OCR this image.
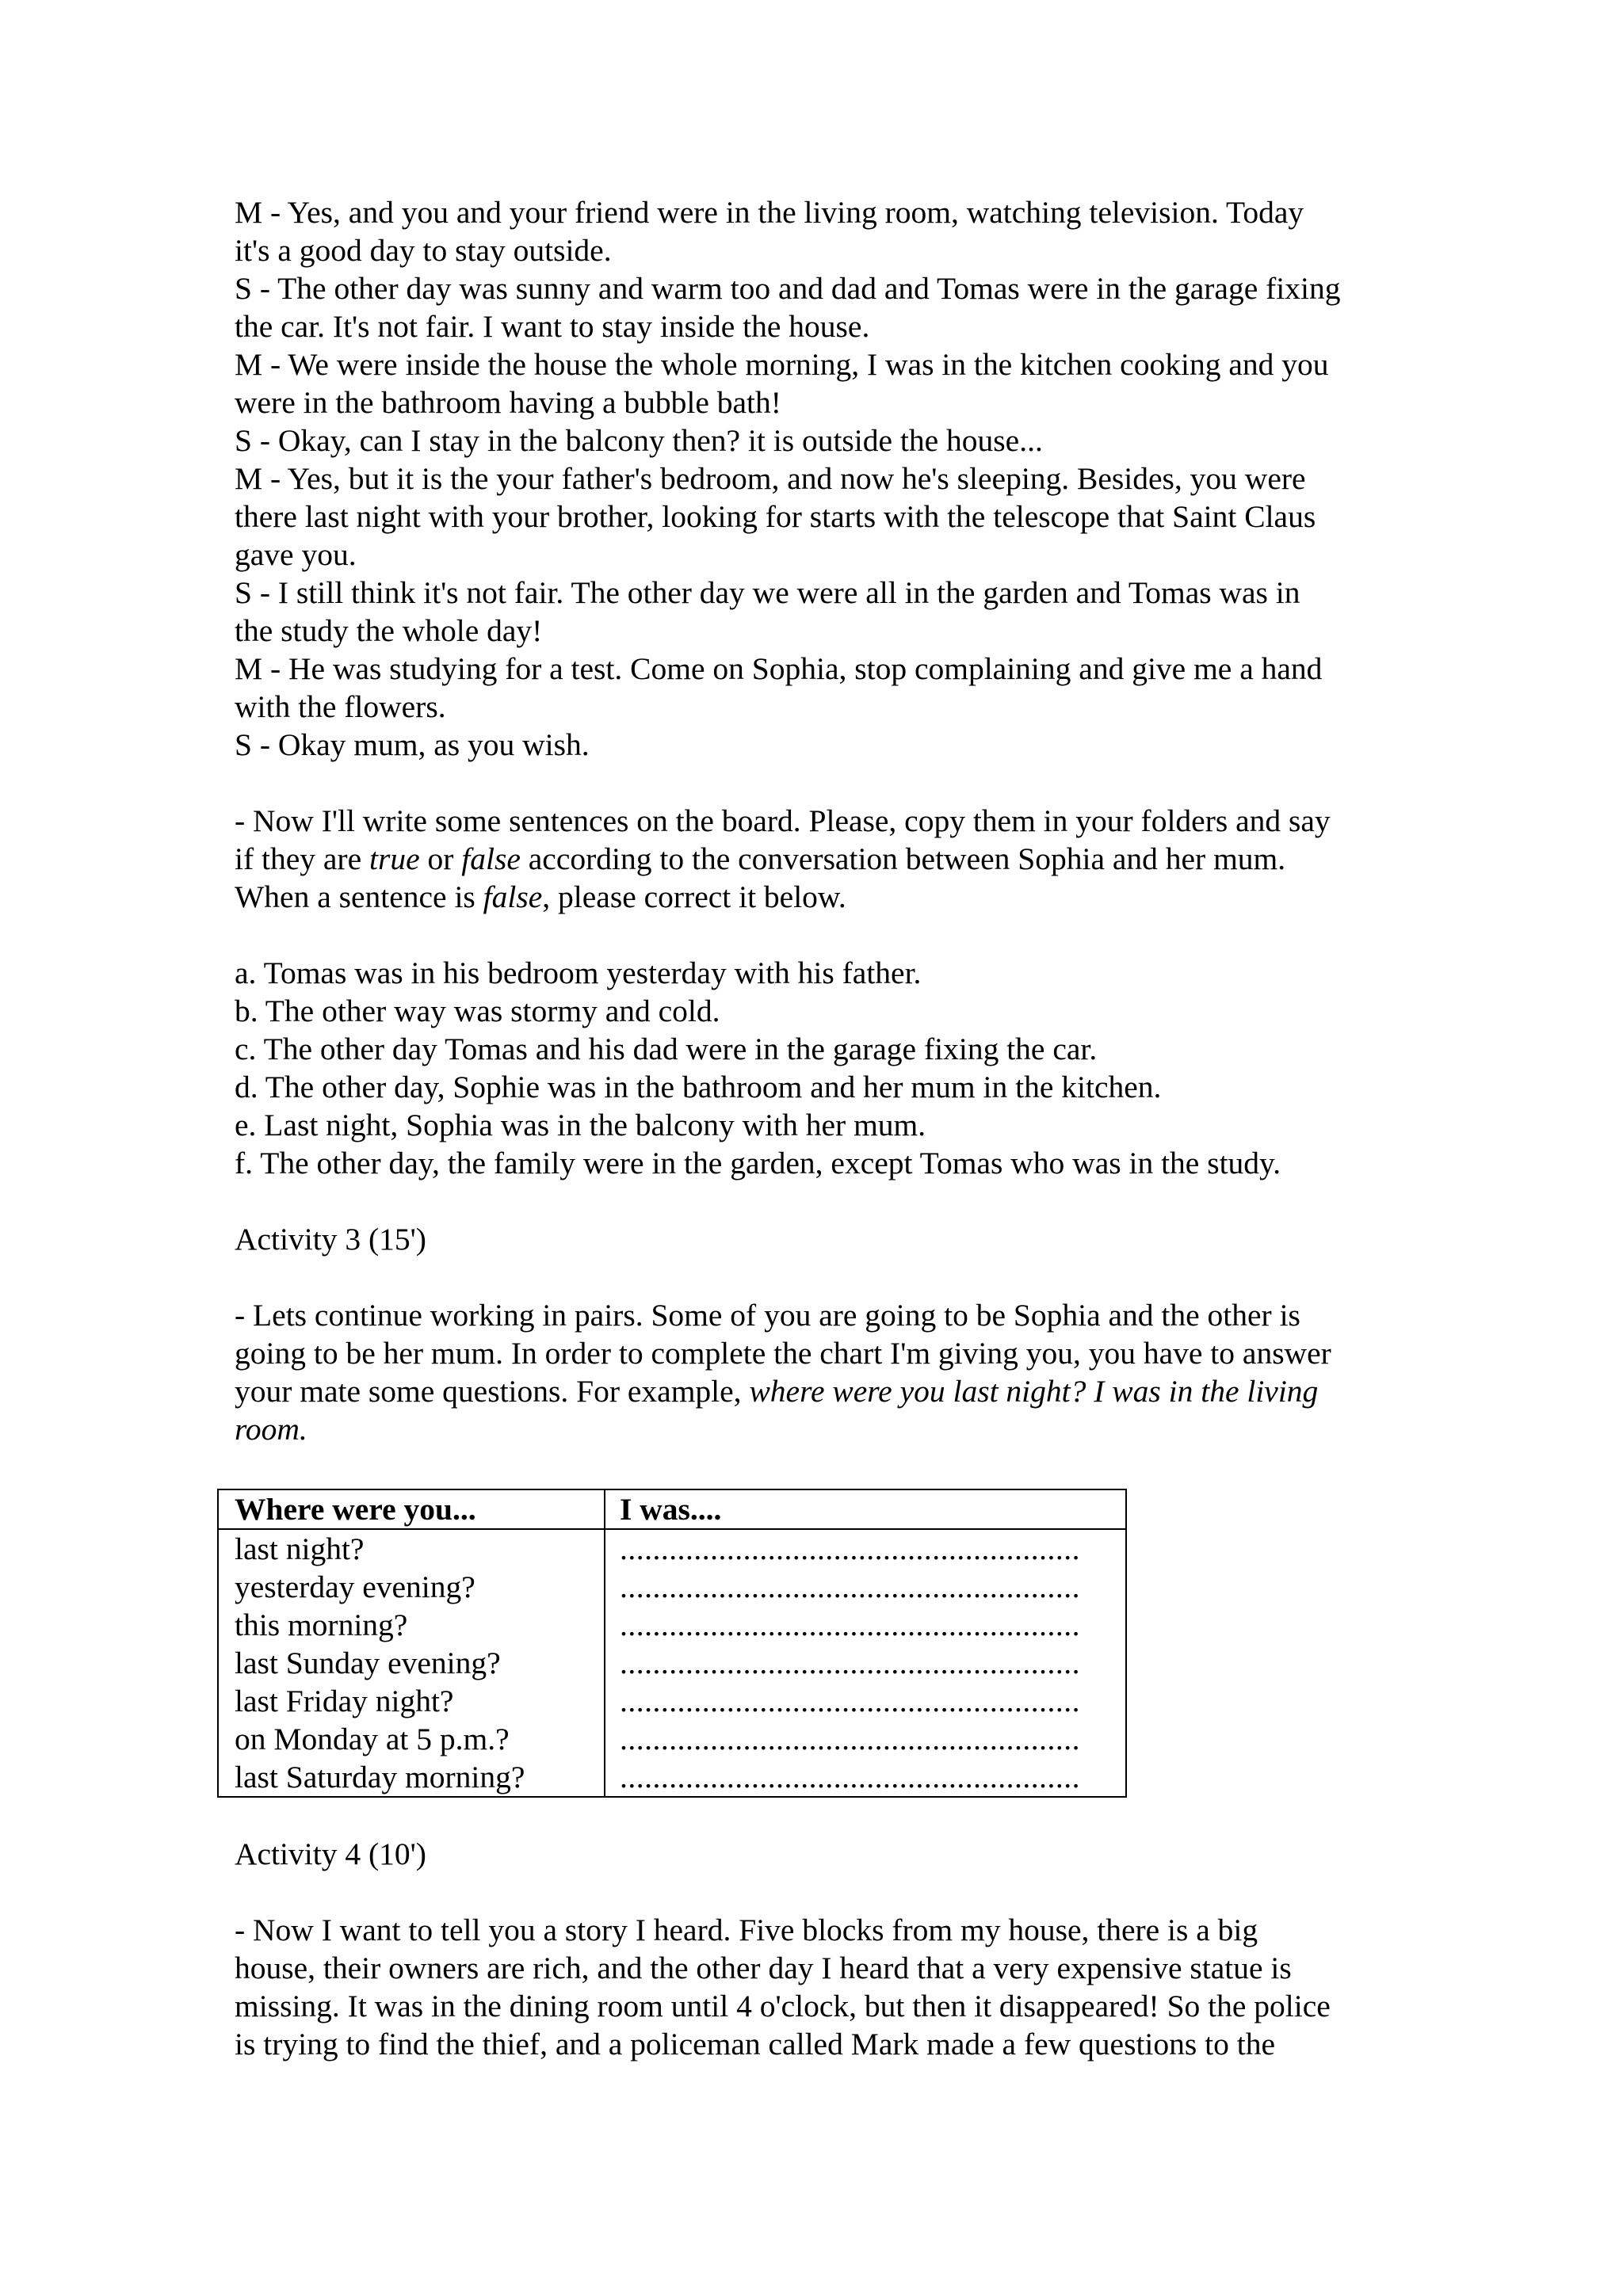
M - Yes, and you and your friend were in the living room, watching television. Today
it's a good day to stay outside.
S - The other day was sunny and warm too and dad and Tomas were in the garage fixing
the car. It's not fair. I want to stay inside the house.
M - We were inside the house the whole morning, I was in the kitchen cooking and you
were in the bathroom having a bubble bath!
S - Okay, can I stay in the balcony then? it is outside the house...
M - Yes, but it is the your father's bedroom, and now he's sleeping. Besides, you were
there last night with your brother, looking for starts with the telescope that Saint Claus
gave you.
S - I still think it's not fair. The other day we were all in the garden and Tomas was in
the study the whole day!
M - He was studying for a test. Come on Sophia, stop complaining and give me a hand
with the flowers.
S - Okay mum, as you wish.
- Now I'll write some sentences on the board. Please, copy them in your folders and say
if they are true or false according to the conversation between Sophia and her mum.
When a sentence is false, please correct it below.
a. Tomas was in his bedroom yesterday with his father.
b. The other way was stormy and cold.
c. The other day Tomas and his dad were in the garage fixing the car.
d. The other day, Sophie was in the bathroom and her mum in the kitchen.
e. Last night, Sophia was in the balcony with her mum.
f. The other day, the family were in the garden, except Tomas who was in the study.
Activity 3 (15')
- Lets continue working in pairs. Some of you are going to be Sophia and the other is
going to be her mum. In order to complete the chart I'm giving you, you have to answer
your mate some questions. For example, where were you last night? I was in the living
room.
Where were you...	I was....
last night?	........................................................
yesterday evening?	........................................................
this morning?	........................................................
last Sunday evening?	........................................................
last Friday night?	........................................................
on Monday at 5 p.m.?	........................................................
last Saturday morning?	........................................................
Activity 4 (10')
- Now I want to tell you a story I heard. Five blocks from my house, there is a big
house, their owners are rich, and the other day I heard that a very expensive statue is
missing. It was in the dining room until 4 o'clock, but then it disappeared! So the police
is trying to find the thief, and a policeman called Mark made a few questions to the
